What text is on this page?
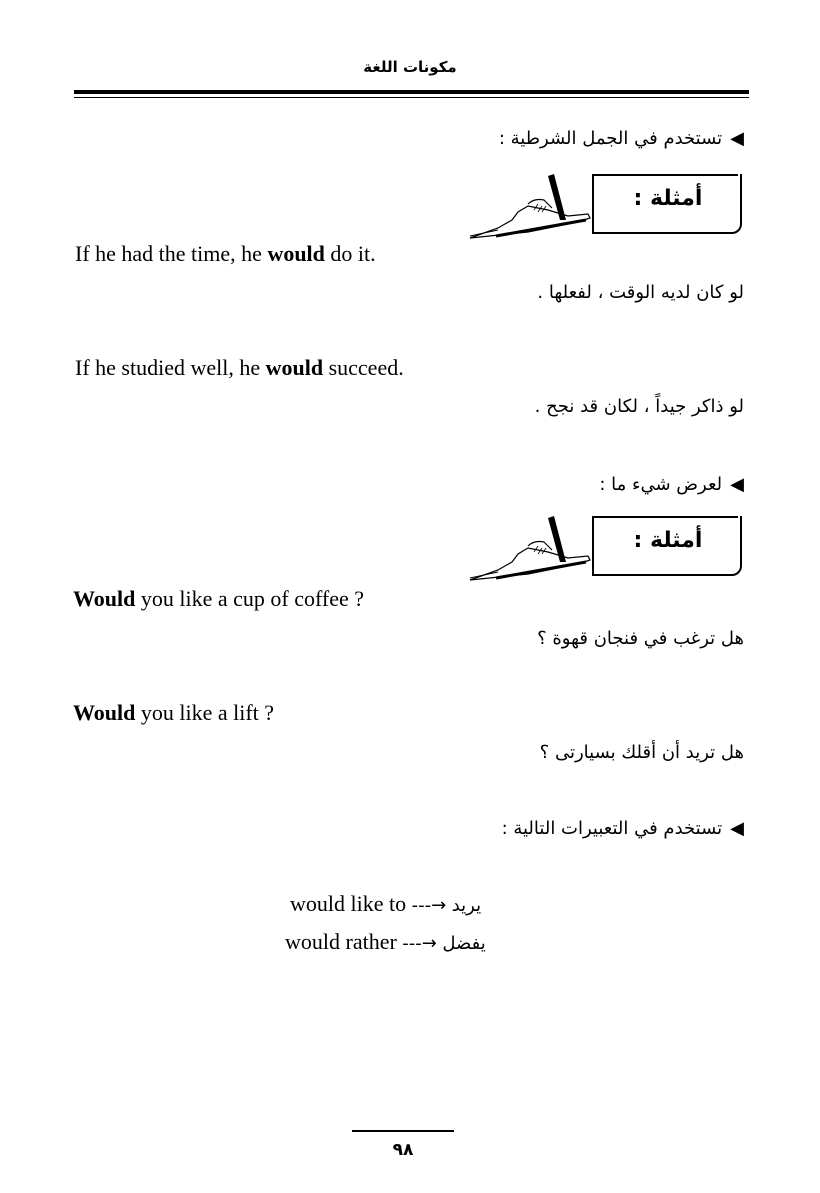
مكونات اللغة
◀
تستخدم في الجمل الشرطية :
أمثلة :
If he had the time, he would do it.
لو كان لديه الوقت ، لفعلها .
If he studied well, he would succeed.
لو ذاكر جيداً ، لكان قد نجح .
◀
لعرض شيء ما :
أمثلة :
Would you like a cup of coffee ?
هل ترغب في فنجان قهوة ؟
Would you like a lift ?
هل تريد أن أقلك بسيارتى ؟
◀
تستخدم في التعبيرات التالية :
would like to ---→ يريد
would rather ---→ يفضل
٩٨
